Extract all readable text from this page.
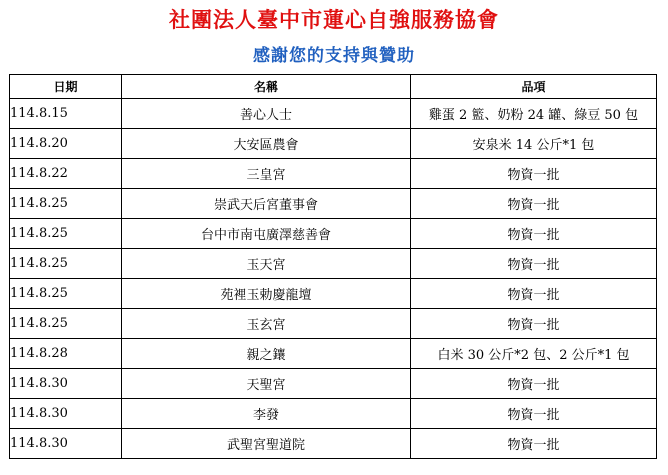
社團法人臺中市蓮心自強服務協會
感謝您的支持與贊助
日期	名稱	品項
114.8.15	善心人士	雞蛋 2 籃、奶粉 24 罐、綠豆 50 包
114.8.20	大安區農會	安泉米 14 公斤*1 包
114.8.22	三皇宮	物資一批
114.8.25	崇武天后宮董事會	物資一批
114.8.25	台中市南屯廣澤慈善會	物資一批
114.8.25	玉天宮	物資一批
114.8.25	苑裡玉勅慶龍壇	物資一批
114.8.25	玉玄宮	物資一批
114.8.28	親之鑲	白米 30 公斤*2 包、2 公斤*1 包
114.8.30	天聖宮	物資一批
114.8.30	李發	物資一批
114.8.30	武聖宮聖道院	物資一批
